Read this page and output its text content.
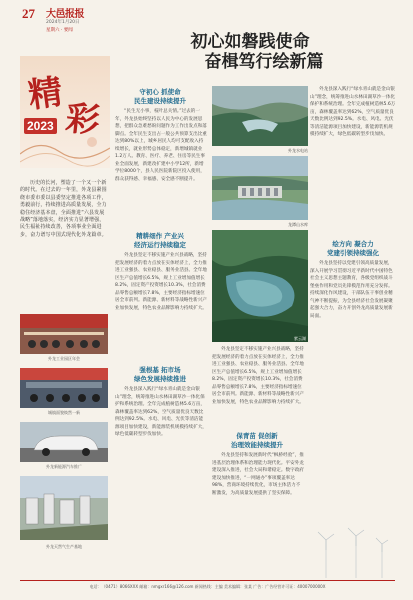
27 大邑报报
2024年1月20日
星期六 · 要闻
初心如磐践使命
奋楫笃行绘新篇
精
彩
2023
历史的长河，塑造了一个又一个新的时代。在过去的一年里，外龙县紧围绕市委市委以县委坚定推进各项工作，勇毅前行，持续推进高质量发展，全力稳住经济基本盘，全面推进“六县发展战略”落地落实，经济实力显著增强，民生福祉持续改善，各项事业全面进步，奋力谱写中国式现代化外龙篇章。
外龙工业园区年会
城镇面貌焕然一新
外龙新能源汽车推广
外龙天然气生产基地
守初心 抓使命
民生建设持续提升

“民生无小事，枝叶总关情。”过去的一年，外龙县始终坚持以人民为中心的发展思想，把群众急难愁盼问题作为工作出发点和落脚点。全年民生支出占一般公共预算支出比重达到80%以上，城乡居民人均可支配收入持续增长，就业形势总体稳定，新增城镇就业1.2万人。教育、医疗、养老、住房等民生事业全面发展，新建改扩建中小学12所，新增学位8000个，县人民医院新院区投入使用，群众获得感、幸福感、安全感不断提升。

精耕细作 产业兴
经济运行持续稳定

外龙县坚定不移实施产业兴县战略，坚持把发展经济的着力点放在实体经济上，全力推进工业强县、农业稳县、服务业活县。全年地区生产总值增长6.5%，规上工业增加值增长8.2%，固定资产投资增长10.3%，社会消费品零售总额增长7.8%，主要经济指标增速位居全市前列。新能源、新材料等战略性新兴产业加快发展，特色农业品牌影响力持续扩大。

强根基 拓市场
绿色发展持续推进

外龙县深入践行“绿水青山就是金山银山”理念，统筹推进山水林田湖草沙一体化保护和系统治理。全年完成植树造林5.6万亩，森林覆盖率达到62%，空气质量优良天数比例达到92.5%。水电、风电、光伏等清洁能源项目加快建设，新能源装机规模持续扩大，绿色低碳转型步伐加快。

外龙县坚定不移实施产业兴县战略，坚持把发展经济的着力点放在实体经济上，全力推进工业强县、农业稳县、服务业活县。全年地区生产总值增长6.5%，规上工业增加值增长8.2%，固定资产投资增长10.3%，社会消费品零售总额增长7.8%，主要经济指标增速位居全市前列。新能源、新材料等战略性新兴产业加快发展，特色农业品牌影响力持续扩大。

保青苗 促创新
治理效能持续提升

外龙县坚持和发展新时代“枫桥经验”，推进基层治理体系和治理能力现代化。平安外龙建设深入推进，社会大局和谐稳定。数字政府建设加快推进，“一网通办”事项覆盖率达98%，营商环境持续优化，市场主体活力不断激发，为高质量发展提供了坚实保障。

外龙水电站
龙潭山水库
紫云湖

外龙县深入践行“绿水青山就是金山银山”理念，统筹推进山水林田湖草沙一体化保护和系统治理。全年完成植树造林5.6万亩，森林覆盖率达到62%，空气质量优良天数比例达到92.5%。水电、风电、光伏等清洁能源项目加快建设，新能源装机规模持续扩大，绿色低碳转型步伐加快。

绘方向 凝合力
党建引领持续强化

外龙县坚持以党建引领高质量发展，深入开展学习贯彻习近平新时代中国特色社会主义思想主题教育，各级党组织战斗堡垒作用和党员先锋模范作用充分发挥。持续深化作风建设，干部队伍干事创业精气神不断提振，为全县经济社会发展凝聚起强大合力，奋力开创外龙高质量发展新局面。

电话：（0471）8066XXX 邮箱：nmgxr166@126.com 新闻热线：主编 美术编辑：张某 广告：广告经营许可证：4000700000X
